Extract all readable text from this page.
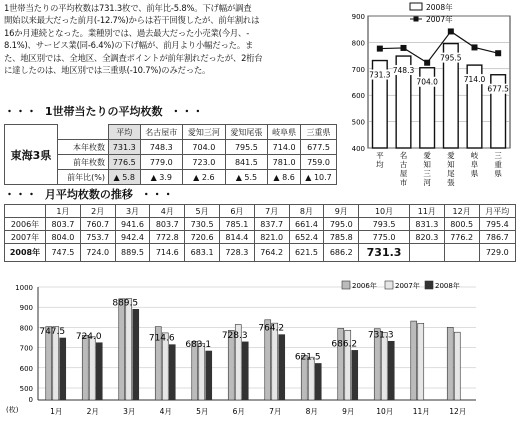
1世帯当たりの平均枚数は731.3枚で、前年比-5.8%。下げ幅が調査
開始以来最大だった前月(-12.7%)からは若干回復したが、前年割れは
16か月連続となった。業種別では、過去最大だった小売業(今月、-
8.1%)、サービス業(同-6.4%)の下げ幅が、前月より小幅だった。ま
た、地区別では、全地区、全調査ポイントが前年割れだったが、2桁台
に達したのは、地区別では三重県(-10.7%)のみだった。
・・・ 1世帯当たりの平均枚数 ・・・
東海3県		平均	名古屋市	愛知三河	愛知尾張	岐阜県	三重県
	本年枚数	731.3	748.3	704.0	795.5	714.0	677.5
	前年枚数	776.5	779.0	723.0	841.5	781.0	759.0
	前年比(%)	▲ 5.8	▲ 3.9	▲ 2.6	▲ 5.5	▲ 8.6	▲ 10.7
・・・ 月平均枚数の推移 ・・・
	1月	2月	3月	4月	5月	6月	7月	8月	9月	10月	11月	12月	月平均
2006年	803.7	760.7	941.6	803.7	730.5	785.1	837.7	661.4	795.0	793.5	831.3	800.5	795.4
2007年	804.0	753.7	942.4	772.8	720.6	814.4	821.0	652.4	785.8	775.0	820.3	776.2	786.7
2008年	747.5	724.0	889.5	714.6	683.1	728.3	764.2	621.5	686.2	731.3			729.0
900
800
700
600
500
400
731.3
平
均
748.3
名
古
屋
市
704.0
愛
知
三
河
795.5
愛
知
尾
張
714.0
岐
阜
県
677.5
三
重
県
2008年
2007年
1000
900
800
700
600
500
0
(枚)	1月
747.5
2月
724.0
3月
889.5
4月
714.6
5月
683.1
6月
728.3
7月
764.2
8月
621.5
9月
686.2
10月
731.3
11月	12月
2006年	2007年 2008年
